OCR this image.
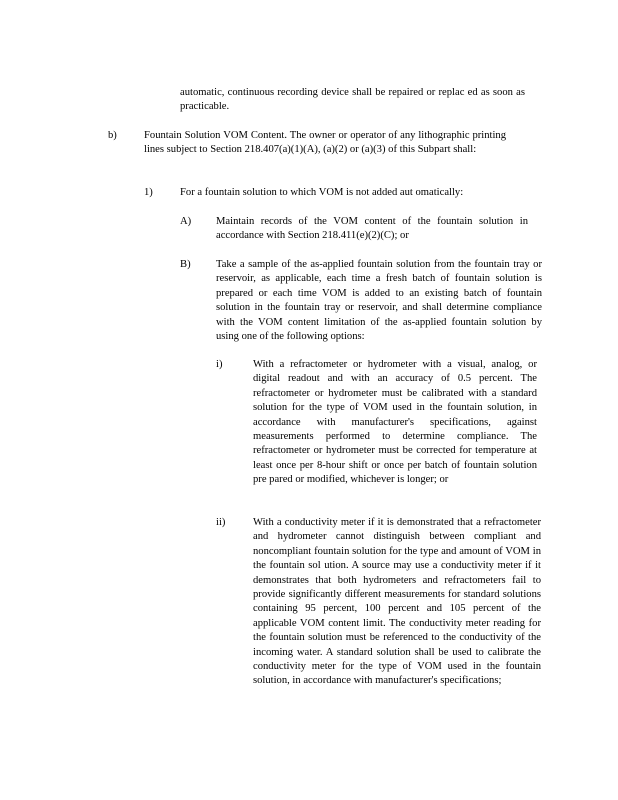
automatic, continuous recording device shall be repaired or replac ed as soon as practicable.
b)	Fountain Solution VOM Content. The owner or operator of any lithographic printing lines subject to Section 218.407(a)(1)(A), (a)(2) or (a)(3) of this Subpart shall:
1)	For a fountain solution to which VOM is not added aut omatically:
A) Maintain records of the VOM content of the fountain solution in accordance with Section 218.411(e)(2)(C); or
B) Take a sample of the as-applied fountain solution from the fountain tray or reservoir, as applicable, each time a fresh batch of fountain solution is prepared or each time VOM is added to an existing batch of fountain solution in the fountain tray or reservoir, and shall determine compliance with the VOM content limitation of the as-applied fountain solution by using one of the following options:
i)	With a refractometer or hydrometer with a visual, analog, or digital readout and with an accuracy of 0.5 percent. The refractometer or hydrometer must be calibrated with a standard solution for the type of VOM used in the fountain solution, in accordance with manufacturer's specifications, against measurements performed to determine compliance. The refractometer or hydrometer must be corrected for temperature at least once per 8-hour shift or once per batch of fountain solution pre pared or modified, whichever is longer; or
ii)	With a conductivity meter if it is demonstrated that a refractometer and hydrometer cannot distinguish between compliant and noncompliant fountain solution for the type and amount of VOM in the fountain sol ution. A source may use a conductivity meter if it demonstrates that both hydrometers and refractometers fail to provide significantly different measurements for standard solutions containing 95 percent, 100 percent and 105 percent of the applicable VOM content limit. The conductivity meter reading for the fountain solution must be referenced to the conductivity of the incoming water. A standard solution shall be used to calibrate the conductivity meter for the type of VOM used in the fountain solution, in accordance with manufacturer's specifications;
